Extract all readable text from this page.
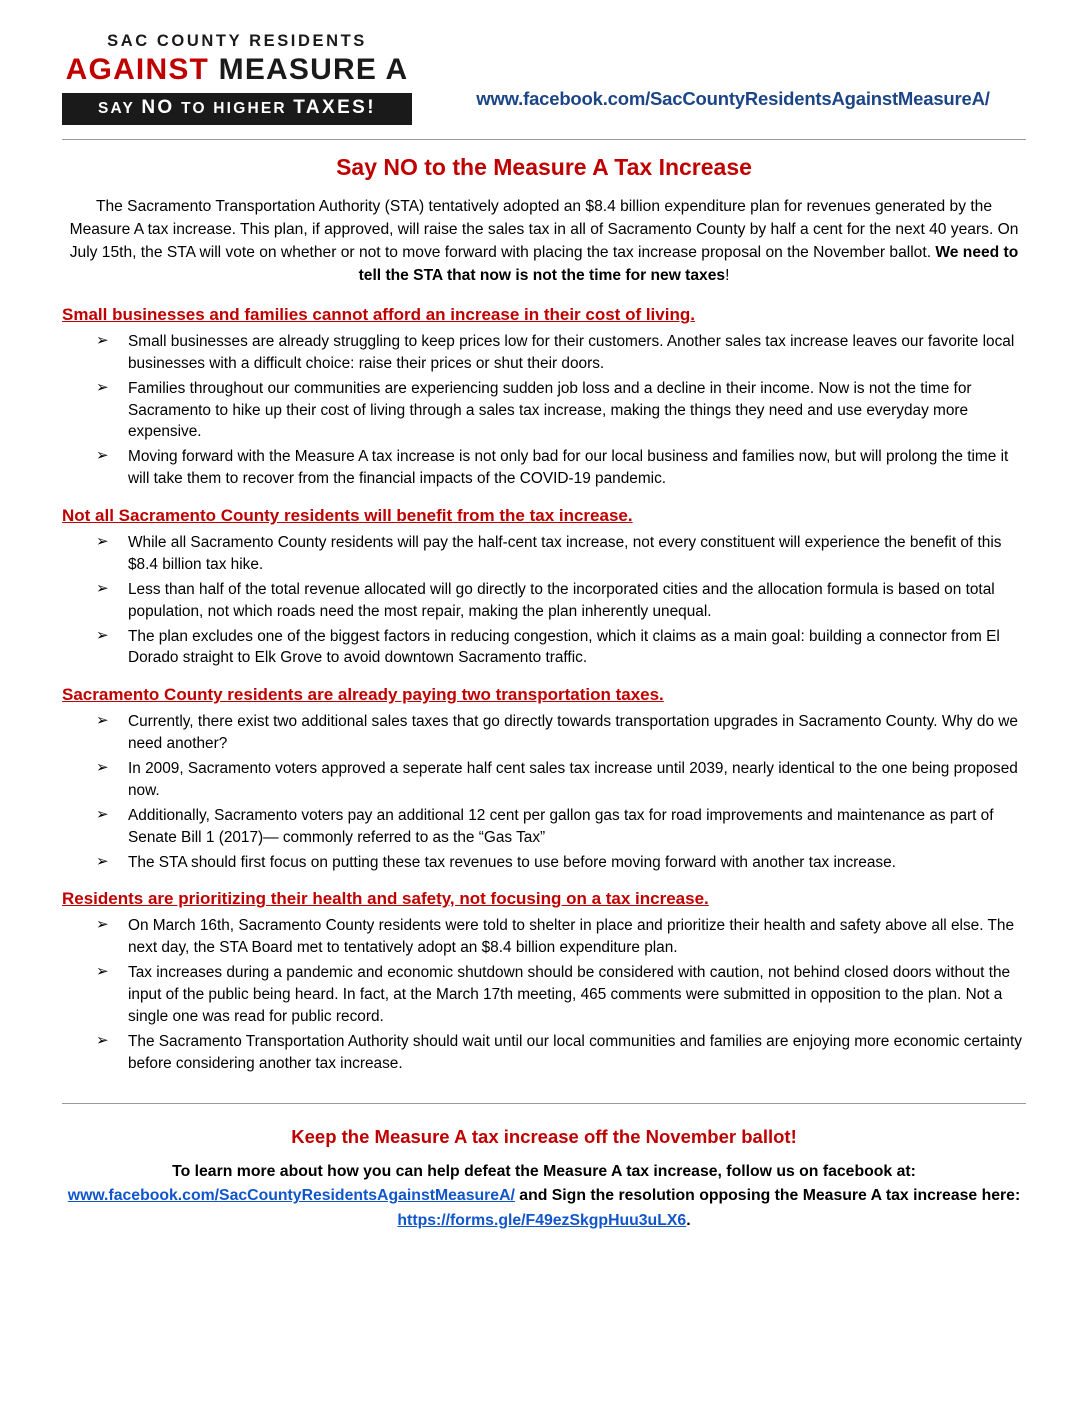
SAC COUNTY RESIDENTS
AGAINST MEASURE A
SAY NO TO HIGHER TAXES!	www.facebook.com/SacCountyResidentsAgainstMeasureA/
Say NO to the Measure A Tax Increase

The Sacramento Transportation Authority (STA) tentatively adopted an $8.4 billion expenditure plan for revenues generated by the Measure A tax increase. This plan, if approved, will raise the sales tax in all of Sacramento County by half a cent for the next 40 years. On July 15th, the STA will vote on whether or not to move forward with placing the tax increase proposal on the November ballot. We need to tell the STA that now is not the time for new taxes!

Small businesses and families cannot afford an increase in their cost of living.
➢ Small businesses are already struggling to keep prices low for their customers. Another sales tax increase leaves our favorite local businesses with a difficult choice: raise their prices or shut their doors.
➢ Families throughout our communities are experiencing sudden job loss and a decline in their income. Now is not the time for Sacramento to hike up their cost of living through a sales tax increase, making the things they need and use everyday more expensive.
➢ Moving forward with the Measure A tax increase is not only bad for our local business and families now, but will prolong the time it will take them to recover from the financial impacts of the COVID-19 pandemic.
Not all Sacramento County residents will benefit from the tax increase.
➢ While all Sacramento County residents will pay the half-cent tax increase, not every constituent will experience the benefit of this $8.4 billion tax hike.
➢ Less than half of the total revenue allocated will go directly to the incorporated cities and the allocation formula is based on total population, not which roads need the most repair, making the plan inherently unequal.
➢ The plan excludes one of the biggest factors in reducing congestion, which it claims as a main goal: building a connector from El Dorado straight to Elk Grove to avoid downtown Sacramento traffic.
Sacramento County residents are already paying two transportation taxes.
➢ Currently, there exist two additional sales taxes that go directly towards transportation upgrades in Sacramento County. Why do we need another?
➢ In 2009, Sacramento voters approved a seperate half cent sales tax increase until 2039, nearly identical to the one being proposed now.
➢ Additionally, Sacramento voters pay an additional 12 cent per gallon gas tax for road improvements and maintenance as part of Senate Bill 1 (2017)— commonly referred to as the “Gas Tax”
➢ The STA should first focus on putting these tax revenues to use before moving forward with another tax increase.
Residents are prioritizing their health and safety, not focusing on a tax increase.
➢ On March 16th, Sacramento County residents were told to shelter in place and prioritize their health and safety above all else. The next day, the STA Board met to tentatively adopt an $8.4 billion expenditure plan.
➢ Tax increases during a pandemic and economic shutdown should be considered with caution, not behind closed doors without the input of the public being heard. In fact, at the March 17th meeting, 465 comments were submitted in opposition to the plan. Not a single one was read for public record.
➢ The Sacramento Transportation Authority should wait until our local communities and families are enjoying more economic certainty before considering another tax increase.
Keep the Measure A tax increase off the November ballot!
To learn more about how you can help defeat the Measure A tax increase, follow us on facebook at:
www.facebook.com/SacCountyResidentsAgainstMeasureA/ and Sign the resolution opposing the Measure A tax increase here: https://forms.gle/F49ezSkgpHuu3uLX6.
